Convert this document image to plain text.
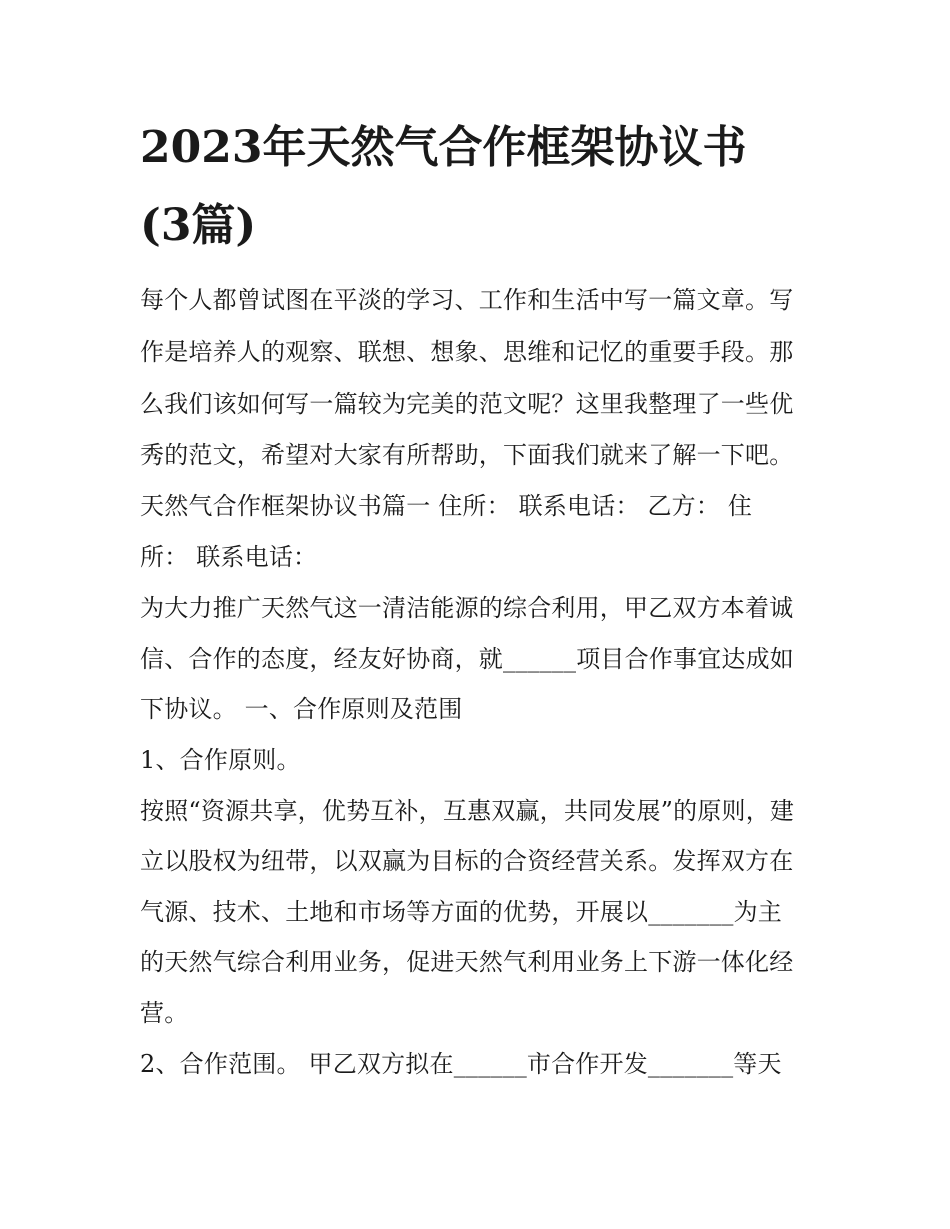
2023年天然气合作框架协议书
(3篇)
每个人都曾试图在平淡的学习、工作和生活中写一篇文章。写
作是培养人的观察、联想、想象、思维和记忆的重要手段。那
么我们该如何写一篇较为完美的范文呢？这里我整理了一些优
秀的范文，希望对大家有所帮助，下面我们就来了解一下吧。
天然气合作框架协议书篇一 住所： 联系电话： 乙方： 住
所： 联系电话：
为大力推广天然气这一清洁能源的综合利用，甲乙双方本着诚
信、合作的态度，经友好协商，就______项目合作事宜达成如
下协议。 一、合作原则及范围
1、合作原则。
按照“资源共享，优势互补，互惠双赢，共同发展”的原则，建
立以股权为纽带，以双赢为目标的合资经营关系。发挥双方在
气源、技术、土地和市场等方面的优势，开展以_______为主
的天然气综合利用业务，促进天然气利用业务上下游一体化经
营。
2、合作范围。 甲乙双方拟在______市合作开发_______等天
